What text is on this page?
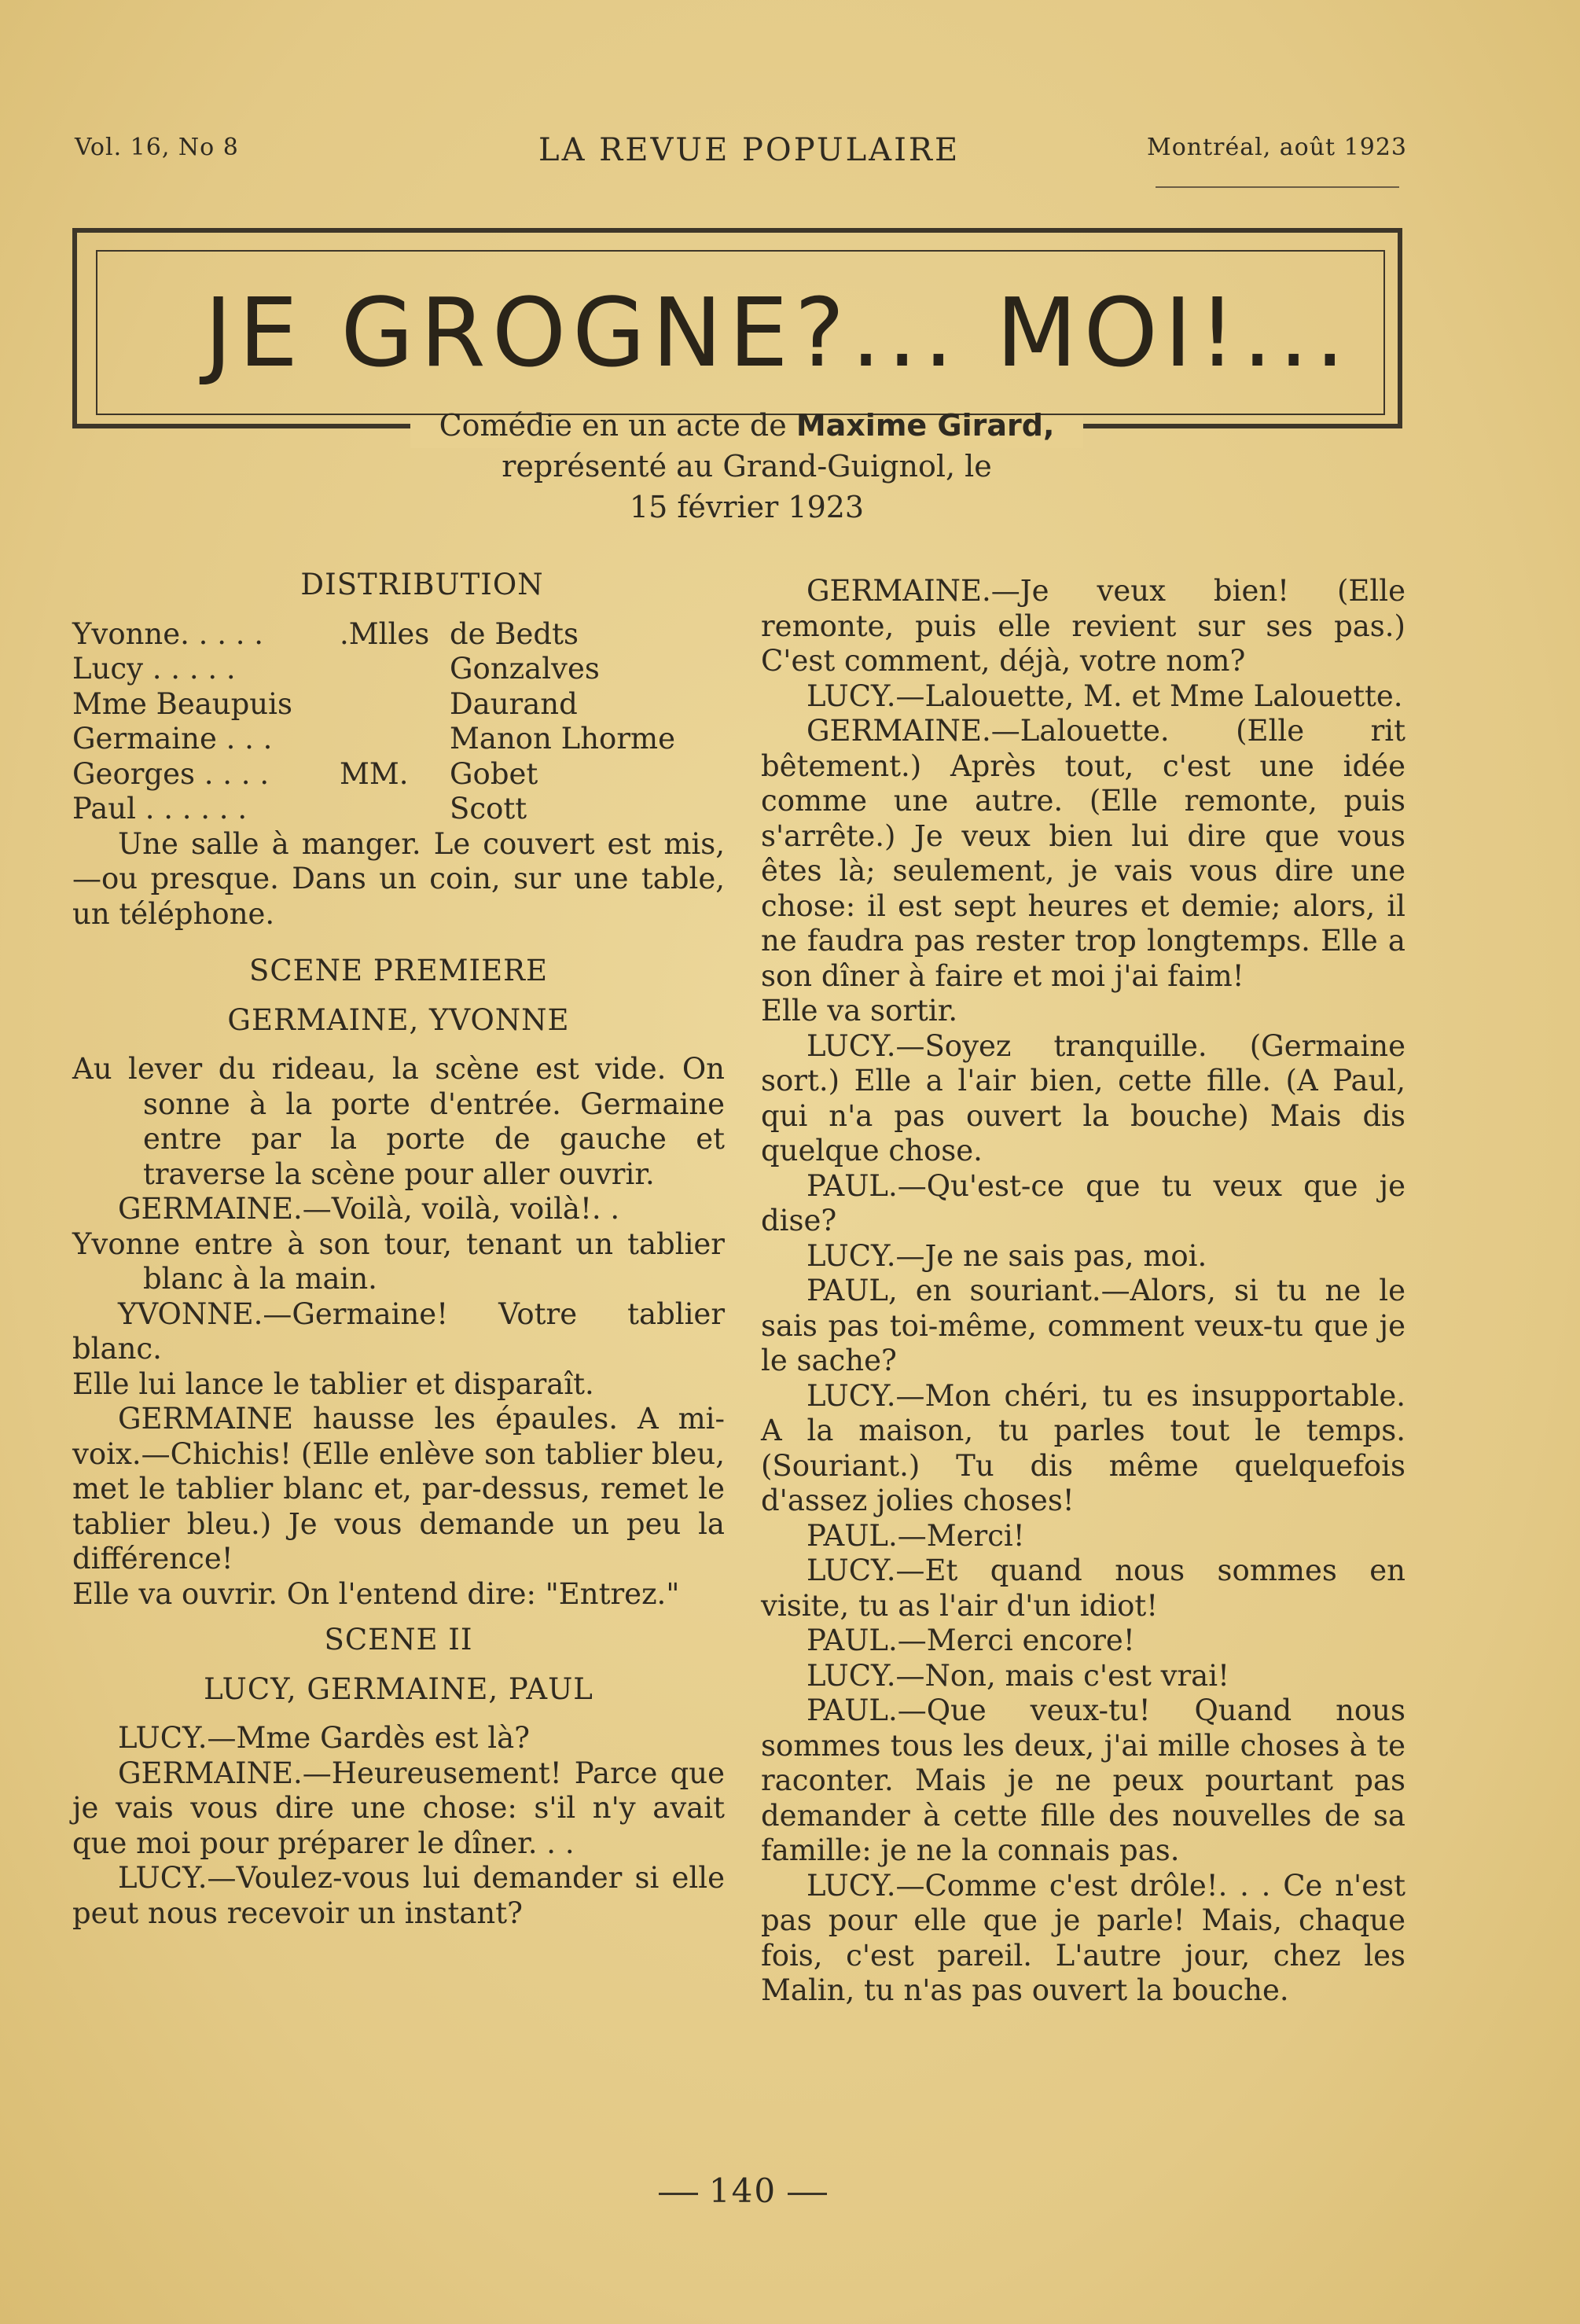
Vol. 16, No 8	LA REVUE POPULAIRE	Montréal, août 1923
JE GROGNE?... MOI!...
Comédie en un acte de Maxime Girard,
représenté au Grand-Guignol, le
15 février 1923
DISTRIBUTION
Yvonne. . . . .	.Mlles de Bedts
Lucy . . . . .	Gonzalves
Mme Beaupuis	Daurand
Germaine . . .	Manon Lhorme
Georges . . . .	MM.	Gobet
Paul . . . . . .	Scott

Une salle à manger. Le couvert est mis,—ou presque. Dans un coin, sur une table, un téléphone.

SCENE PREMIERE
GERMAINE, YVONNE

Au lever du rideau, la scène est vide. On sonne à la porte d'entrée. Germaine entre par la porte de gauche et traverse la scène pour aller ouvrir.

GERMAINE.—Voilà, voilà, voilà!. .

Yvonne entre à son tour, tenant un tablier blanc à la main.

YVONNE.—Germaine! Votre tablier blanc.

Elle lui lance le tablier et disparaît.

GERMAINE hausse les épaules. A mi-voix.—Chichis! (Elle enlève son tablier bleu, met le tablier blanc et, par-dessus, remet le tablier bleu.) Je vous demande un peu la différence!

Elle va ouvrir. On l'entend dire: "Entrez."

SCENE II
LUCY, GERMAINE, PAUL

LUCY.—Mme Gardès est là?

GERMAINE.—Heureusement! Parce que je vais vous dire une chose: s'il n'y avait que moi pour préparer le dîner. . .

LUCY.—Voulez-vous lui demander si elle peut nous recevoir un instant?

GERMAINE.—Je veux bien! (Elle remonte, puis elle revient sur ses pas.) C'est comment, déjà, votre nom?

LUCY.—Lalouette, M. et Mme Lalouette.

GERMAINE.—Lalouette. (Elle rit bêtement.) Après tout, c'est une idée comme une autre. (Elle remonte, puis s'arrête.) Je veux bien lui dire que vous êtes là; seulement, je vais vous dire une chose: il est sept heures et demie; alors, il ne faudra pas rester trop longtemps. Elle a son dîner à faire et moi j'ai faim!

Elle va sortir.

LUCY.—Soyez tranquille. (Germaine sort.) Elle a l'air bien, cette fille. (A Paul, qui n'a pas ouvert la bouche) Mais dis quelque chose.

PAUL.—Qu'est-ce que tu veux que je dise?

LUCY.—Je ne sais pas, moi.

PAUL, en souriant.—Alors, si tu ne le sais pas toi-même, comment veux-tu que je le sache?

LUCY.—Mon chéri, tu es insupportable. A la maison, tu parles tout le temps. (Souriant.) Tu dis même quelquefois d'assez jolies choses!

PAUL.—Merci!

LUCY.—Et quand nous sommes en visite, tu as l'air d'un idiot!

PAUL.—Merci encore!

LUCY.—Non, mais c'est vrai!

PAUL.—Que veux-tu! Quand nous sommes tous les deux, j'ai mille choses à te raconter. Mais je ne peux pourtant pas demander à cette fille des nouvelles de sa famille: je ne la connais pas.

LUCY.—Comme c'est drôle!. . . Ce n'est pas pour elle que je parle! Mais, chaque fois, c'est pareil. L'autre jour, chez les Malin, tu n'as pas ouvert la bouche.

140
